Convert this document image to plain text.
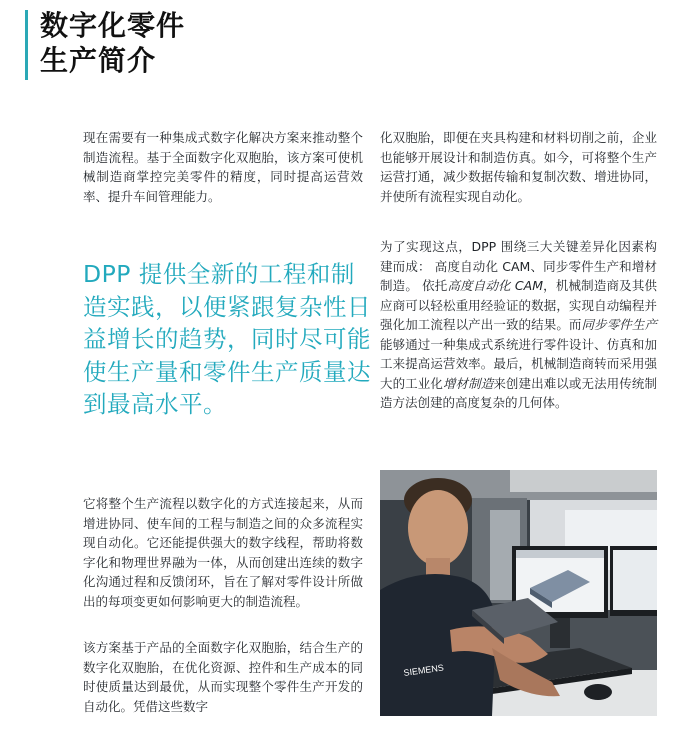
数字化零件
生产简介

现在需要有一种集成式数字化解决方案来推动整个制造流程。基于全面数字化双胞胎，该方案可使机械制造商掌控完美零件的精度，同时提高运营效率、提升车间管理能力。

DPP 提供全新的工程和制造实践，以便紧跟复杂性日益增长的趋势，同时尽可能使生产量和零件生产质量达到最高水平。

它将整个生产流程以数字化的方式连接起来，从而增进协同、使车间的工程与制造之间的众多流程实现自动化。它还能提供强大的数字线程，帮助将数字化和物理世界融为一体，从而创建出连续的数字化沟通过程和反馈闭环，旨在了解对零件设计所做出的每项变更如何影响更大的制造流程。

该方案基于产品的全面数字化双胞胎，结合生产的数字化双胞胎，在优化资源、控件和生产成本的同时使质量达到最优，从而实现整个零件生产开发的自动化。凭借这些数字

化双胞胎，即便在夹具构建和材料切削之前，企业也能够开展设计和制造仿真。如今，可将整个生产运营打通，减少数据传输和复制次数、增进协同，并使所有流程实现自动化。

为了实现这点，DPP 围绕三大关键差异化因素构建而成： 高度自动化 CAM、同步零件生产和增材制造。 依托高度自动化 CAM，机械制造商及其供应商可以轻松重用经验证的数据，实现自动编程并强化加工流程以产出一致的结果。而同步零件生产能够通过一种集成式系统进行零件设计、仿真和加工来提高运营效率。最后，机械制造商转而采用强大的工业化增材制造来创建出难以或无法用传统制造方法创建的高度复杂的几何体。

SIEMENS
